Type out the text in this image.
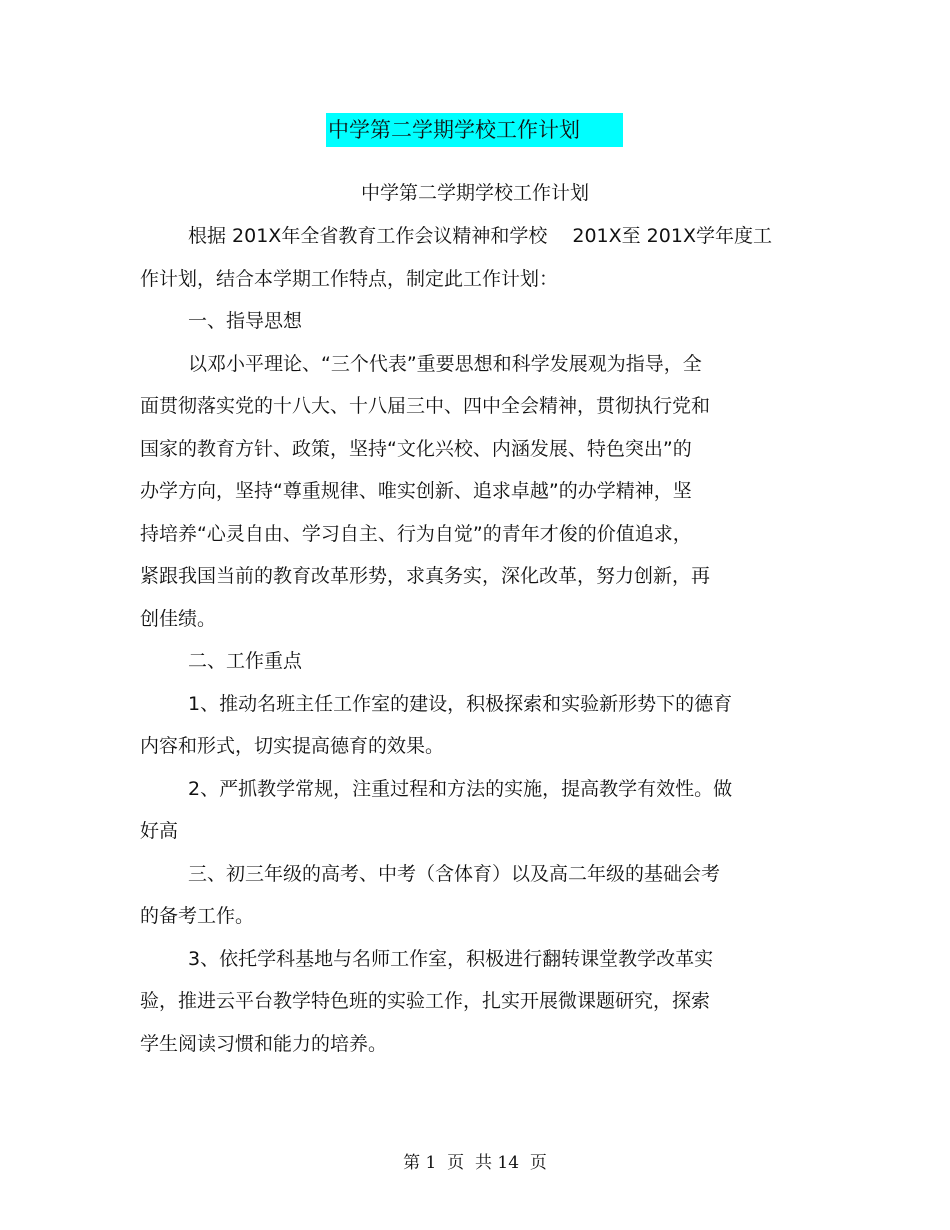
中学第二学期学校工作计划
中学第二学期学校工作计划
根据 201X年全省教育工作会议精神和学校　 201X至 201X学年度工
作计划，结合本学期工作特点，制定此工作计划：
一、指导思想
以邓小平理论、“三个代表”重要思想和科学发展观为指导，全
面贯彻落实党的十八大、十八届三中、四中全会精神，贯彻执行党和
国家的教育方针、政策，坚持“文化兴校、内涵发展、特色突出”的
办学方向，坚持“尊重规律、唯实创新、追求卓越”的办学精神，坚
持培养“心灵自由、学习自主、行为自觉”的青年才俊的价值追求，
紧跟我国当前的教育改革形势，求真务实，深化改革，努力创新，再
创佳绩。
二、工作重点
1、推动名班主任工作室的建设，积极探索和实验新形势下的德育
内容和形式，切实提高德育的效果。
2、严抓教学常规，注重过程和方法的实施，提高教学有效性。做
好高
三、初三年级的高考、中考（含体育）以及高二年级的基础会考
的备考工作。
3、依托学科基地与名师工作室，积极进行翻转课堂教学改革实
验，推进云平台教学特色班的实验工作，扎实开展微课题研究，探索
学生阅读习惯和能力的培养。
第 1  页  共 14  页
